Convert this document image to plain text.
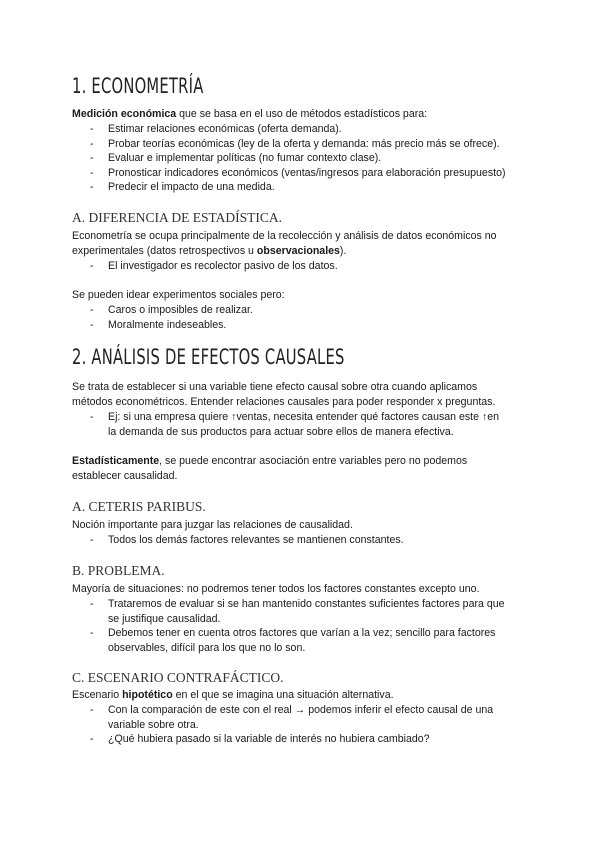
1. ECONOMETRÍA
Medición económica que se basa en el uso de métodos estadísticos para:
- Estimar relaciones económicas (oferta demanda).
- Probar teorías económicas (ley de la oferta y demanda: más precio más se ofrece).
- Evaluar e implementar políticas (no fumar contexto clase).
- Pronosticar indicadores económicos (ventas/ingresos para elaboración presupuesto)
- Predecir el impacto de una medida.
A. DIFERENCIA DE ESTADÍSTICA.
Econometría se ocupa principalmente de la recolección y análisis de datos económicos no
experimentales (datos retrospectivos u observacionales).
- El investigador es recolector pasivo de los datos.
Se pueden idear experimentos sociales pero:
- Caros o imposibles de realizar.
- Moralmente indeseables.
2. ANÁLISIS DE EFECTOS CAUSALES
Se trata de establecer si una variable tiene efecto causal sobre otra cuando aplicamos
métodos econométricos. Entender relaciones causales para poder responder x preguntas.
- Ej: si una empresa quiere ↑ventas, necesita entender qué factores causan este ↑en
la demanda de sus productos para actuar sobre ellos de manera efectiva.
Estadísticamente, se puede encontrar asociación entre variables pero no podemos
establecer causalidad.
A. CETERIS PARIBUS.
Noción importante para juzgar las relaciones de causalidad.
- Todos los demás factores relevantes se mantienen constantes.
B. PROBLEMA.
Mayoría de situaciones: no podremos tener todos los factores constantes excepto uno.
- Trataremos de evaluar si se han mantenido constantes suficientes factores para que
se justifique causalidad.
- Debemos tener en cuenta otros factores que varían a la vez; sencillo para factores
observables, difícil para los que no lo son.
C. ESCENARIO CONTRAFÁCTICO.
Escenario hipotético en el que se imagina una situación alternativa.
- Con la comparación de este con el real → podemos inferir el efecto causal de una
variable sobre otra.
- ¿Qué hubiera pasado si la variable de interés no hubiera cambiado?
